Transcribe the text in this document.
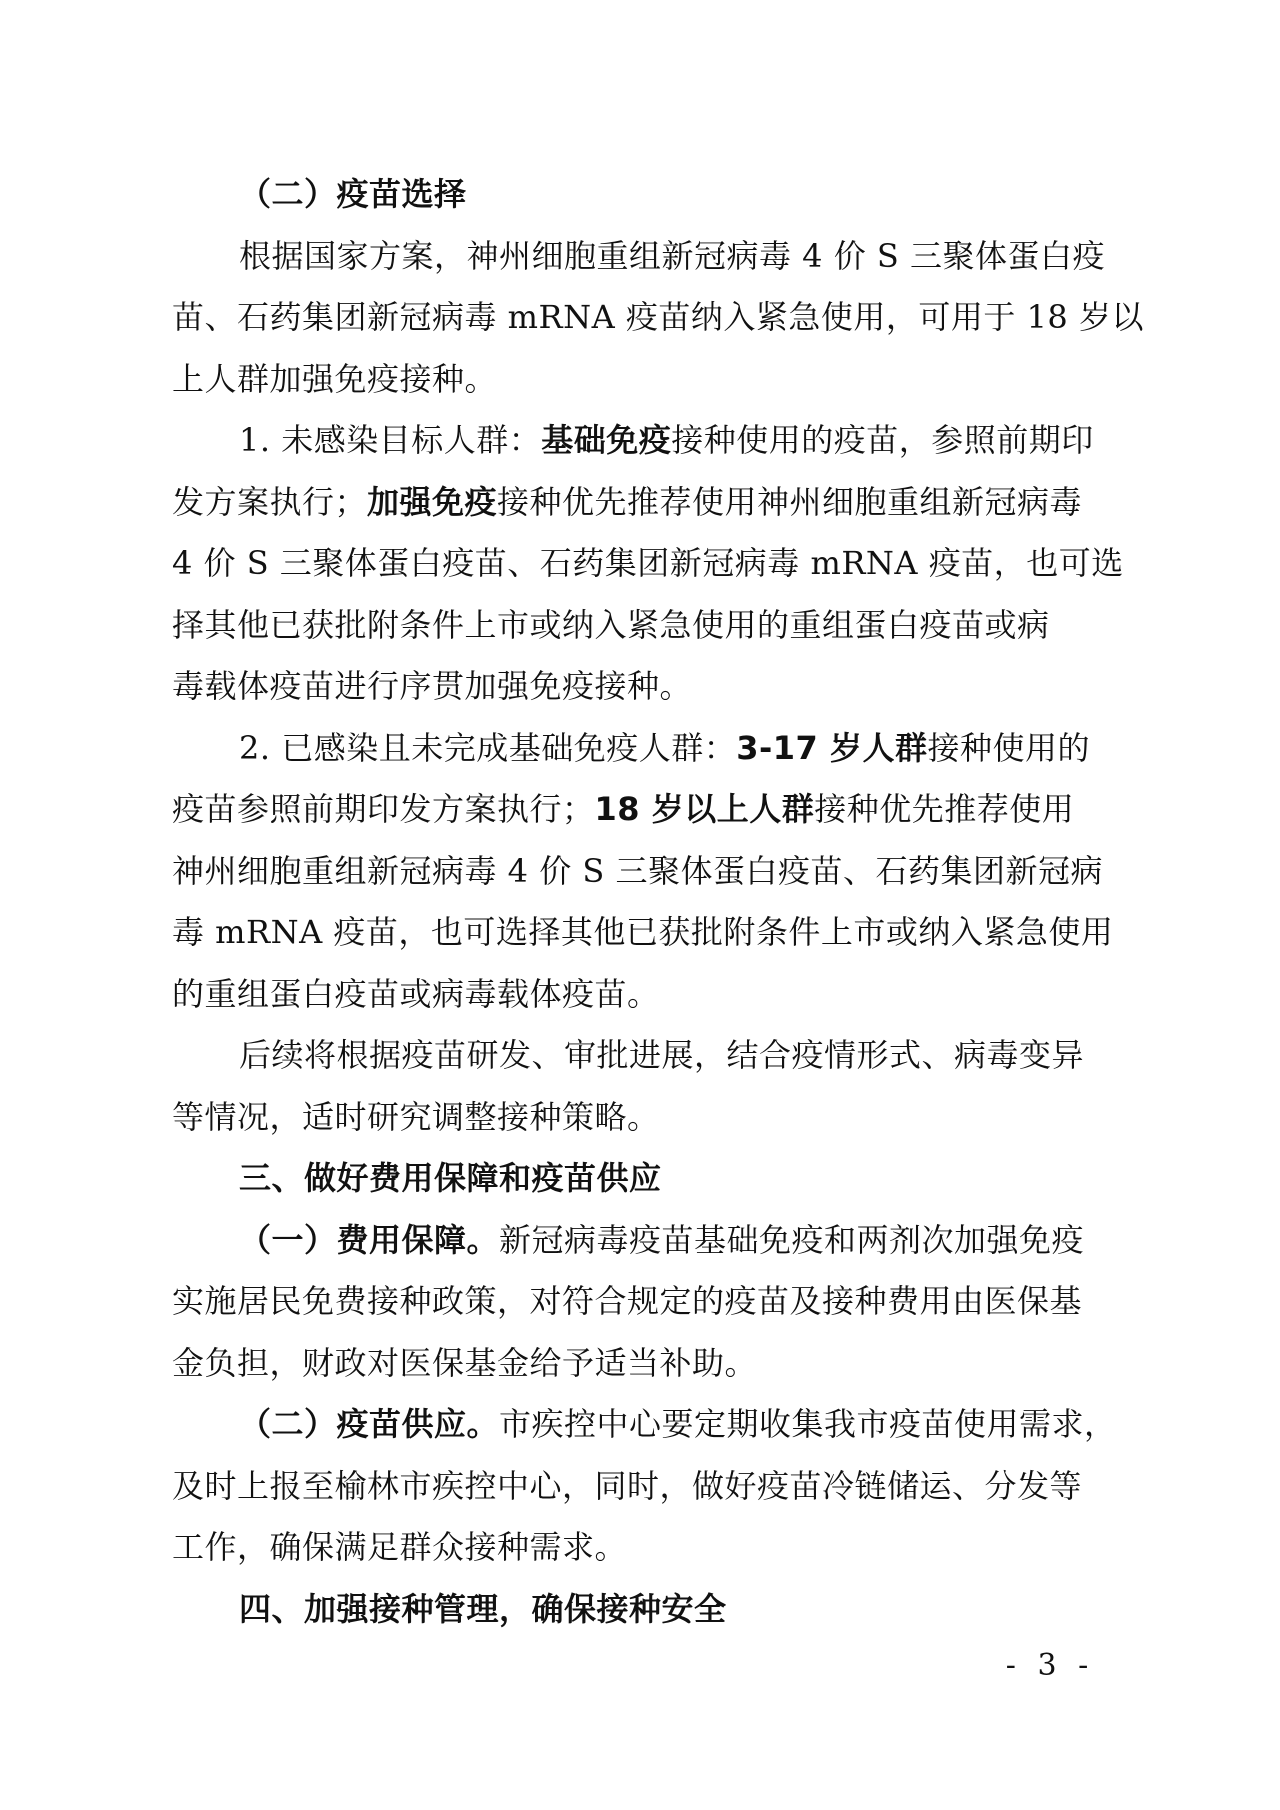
（二）疫苗选择
根据国家方案，神州细胞重组新冠病毒 4 价 S 三聚体蛋白疫
苗、石药集团新冠病毒 mRNA 疫苗纳入紧急使用，可用于 18 岁以
上人群加强免疫接种。
1. 未感染目标人群：基础免疫接种使用的疫苗，参照前期印
发方案执行；加强免疫接种优先推荐使用神州细胞重组新冠病毒
4 价 S 三聚体蛋白疫苗、石药集团新冠病毒 mRNA 疫苗，也可选
择其他已获批附条件上市或纳入紧急使用的重组蛋白疫苗或病
毒载体疫苗进行序贯加强免疫接种。
2. 已感染且未完成基础免疫人群：3-17 岁人群接种使用的
疫苗参照前期印发方案执行；18 岁以上人群接种优先推荐使用
神州细胞重组新冠病毒 4 价 S 三聚体蛋白疫苗、石药集团新冠病
毒 mRNA 疫苗，也可选择其他已获批附条件上市或纳入紧急使用
的重组蛋白疫苗或病毒载体疫苗。
后续将根据疫苗研发、审批进展，结合疫情形式、病毒变异
等情况，适时研究调整接种策略。
三、做好费用保障和疫苗供应
（一）费用保障。新冠病毒疫苗基础免疫和两剂次加强免疫
实施居民免费接种政策，对符合规定的疫苗及接种费用由医保基
金负担，财政对医保基金给予适当补助。
（二）疫苗供应。市疾控中心要定期收集我市疫苗使用需求，
及时上报至榆林市疾控中心，同时，做好疫苗冷链储运、分发等
工作，确保满足群众接种需求。
四、加强接种管理，确保接种安全
- 3 -
